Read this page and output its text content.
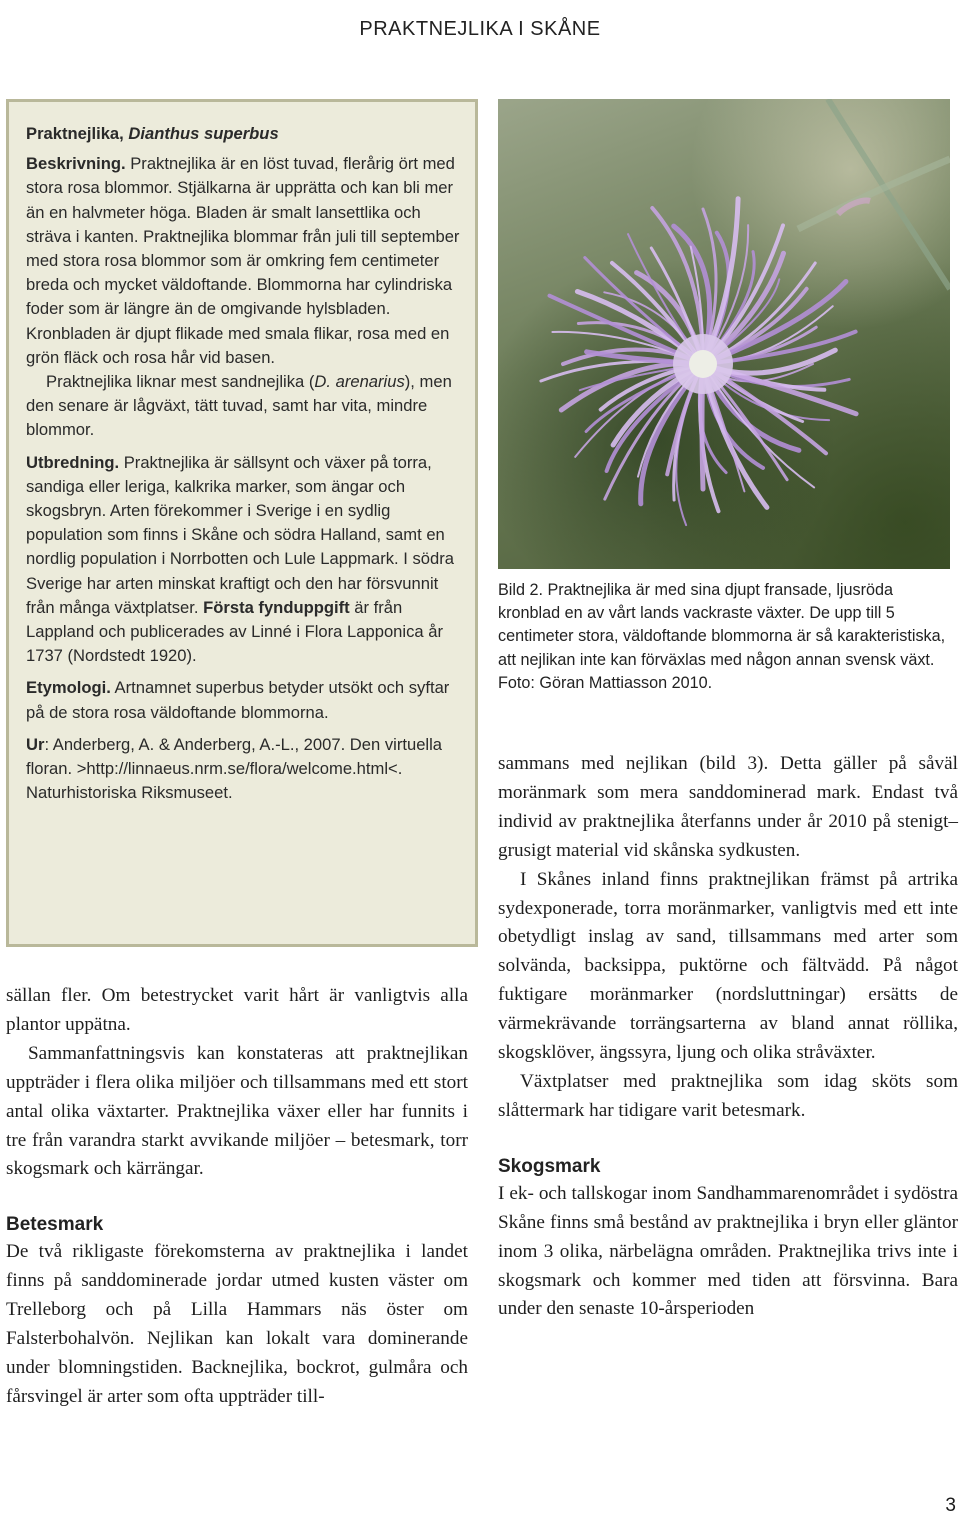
PRAKTNEJLIKA I SKÅNE

Praktnejlika, Dianthus superbus

Beskrivning. Praktnejlika är en löst tuvad, flerårig ört med stora rosa blommor. Stjälkarna är upprätta och kan bli mer än en halvmeter höga. Bladen är smalt lansettlika och sträva i kanten. Praktnejlika blommar från juli till september med stora rosa blommor som är omkring fem centimeter breda och mycket väldoftande. Blommorna har cylindriska foder som är längre än de omgivande hylsbladen. Kronbladen är djupt flikade med smala flikar, rosa med en grön fläck och rosa hår vid basen.

Praktnejlika liknar mest sandnejlika (D. arenarius), men den senare är lågväxt, tätt tuvad, samt har vita, mindre blommor.

Utbredning. Praktnejlika är sällsynt och växer på torra, sandiga eller leriga, kalkrika marker, som ängar och skogsbryn. Arten förekommer i Sverige i en sydlig population som finns i Skåne och södra Halland, samt en nordlig population i Norrbotten och Lule Lappmark. I södra Sverige har arten minskat kraftigt och den har försvunnit från många växtplatser. Första fynduppgift är från Lappland och publicerades av Linné i Flora Lapponica år 1737 (Nordstedt 1920).

Etymologi. Artnamnet superbus betyder utsökt och syftar på de stora rosa väldoftande blommorna.

Ur: Anderberg, A. & Anderberg, A.-L., 2007. Den virtuella floran. >http://linnaeus.nrm.se/flora/welcome.html<. Naturhistoriska Riksmuseet.

Bild 2. Praktnejlika är med sina djupt fransade, ljusröda kronblad en av vårt lands vackraste växter. De upp till 5 centimeter stora, väldoftande blommorna är så karakteristiska, att nejlikan inte kan förväxlas med någon annan svensk växt.

Foto: Göran Mattiasson 2010.

sällan fler. Om betestrycket varit hårt är vanligtvis alla plantor uppätna.

Sammanfattningsvis kan konstateras att praktnejlikan uppträder i flera olika miljöer och tillsammans med ett stort antal olika växtarter. Praktnejlika växer eller har funnits i tre från varandra starkt avvikande miljöer – betesmark, torr skogsmark och kärrängar.

Betesmark

De två rikligaste förekomsterna av praktnejlika i landet finns på sanddominerade jordar utmed kusten väster om Trelleborg och på Lilla Hammars näs öster om Falsterbohalvön. Nejlikan kan lokalt vara dominerande under blomningstiden. Backnejlika, bockrot, gulmåra och fårsvingel är arter som ofta uppträder till-

sammans med nejlikan (bild 3). Detta gäller på såväl moränmark som mera sanddominerad mark. Endast två individ av praktnejlika återfanns under år 2010 på stenigt–grusigt material vid skånska sydkusten.

I Skånes inland finns praktnejlikan främst på artrika sydexponerade, torra moränmarker, vanligtvis med ett inte obetydligt inslag av sand, tillsammans med arter som solvända, backsippa, puktörne och fältvädd. På något fuktigare moränmarker (nordsluttningar) ersätts de värmekrävande torrängsarterna av bland annat röllika, skogsklöver, ängssyra, ljung och olika stråväxter.

Växtplatser med praktnejlika som idag sköts som slåttermark har tidigare varit betesmark.

Skogsmark

I ek- och tallskogar inom Sandhammarenområdet i sydöstra Skåne finns små bestånd av praktnejlika i bryn eller gläntor inom 3 olika, närbelägna områden. Praktnejlika trivs inte i skogsmark och kommer med tiden att försvinna. Bara under den senaste 10-årsperioden

3
